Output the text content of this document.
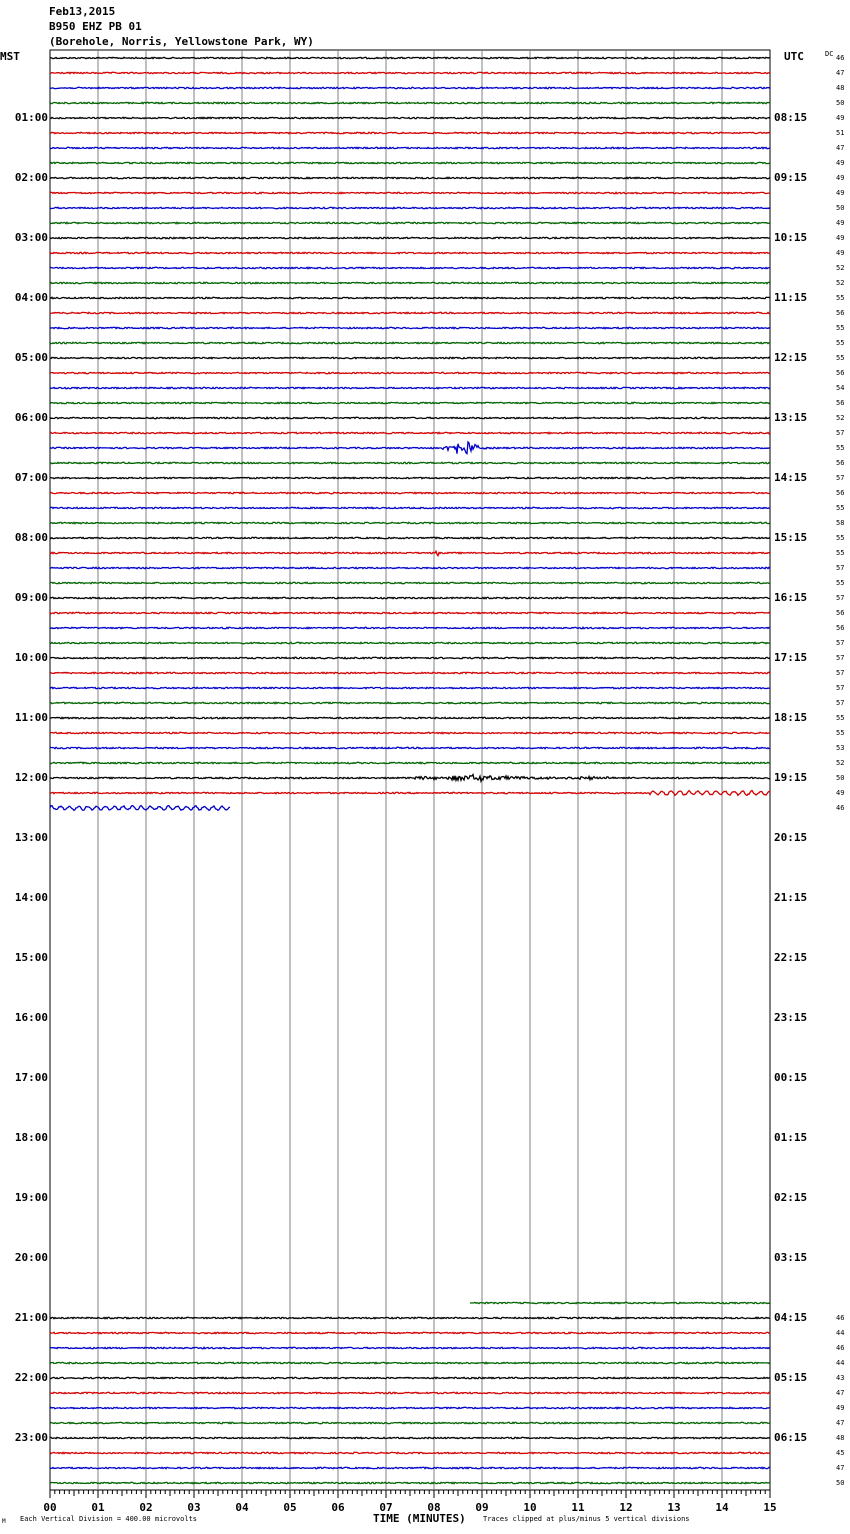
Feb13,2015
B950 EHZ PB 01
(Borehole, Norris, Yellowstone Park, WY)
MST	UTC	DC
00	01	02	03	04	05	06	07	08	09	10	11	12	13	14	15
01:00	08:15
02:00	09:15
03:00	10:15
04:00	11:15
05:00	12:15
06:00	13:15
07:00	14:15
08:00	15:15
09:00	16:15
10:00	17:15
11:00	18:15
12:00	19:15
13:00	20:15
14:00	21:15
15:00	22:15
16:00	23:15
17:00	00:15
18:00	01:15
19:00	02:15
20:00	03:15
21:00	04:15
22:00	05:15
23:00	06:15
46
47
48
50
49
51
47
49
49
49
50
49
49
49
52
52
55
56
55
55
55
56
54
56
52
57
55
56
57
56
55
58
55
55
57
55
57
56
56
57
57
57
57
57
55
55
53
52
50
49
46
46
44
46
44
43
47
49
47
48
45
47
50
M Each Vertical Division = 400.00 microvolts	TIME (MINUTES) Traces clipped at plus/minus 5 vertical divisions
